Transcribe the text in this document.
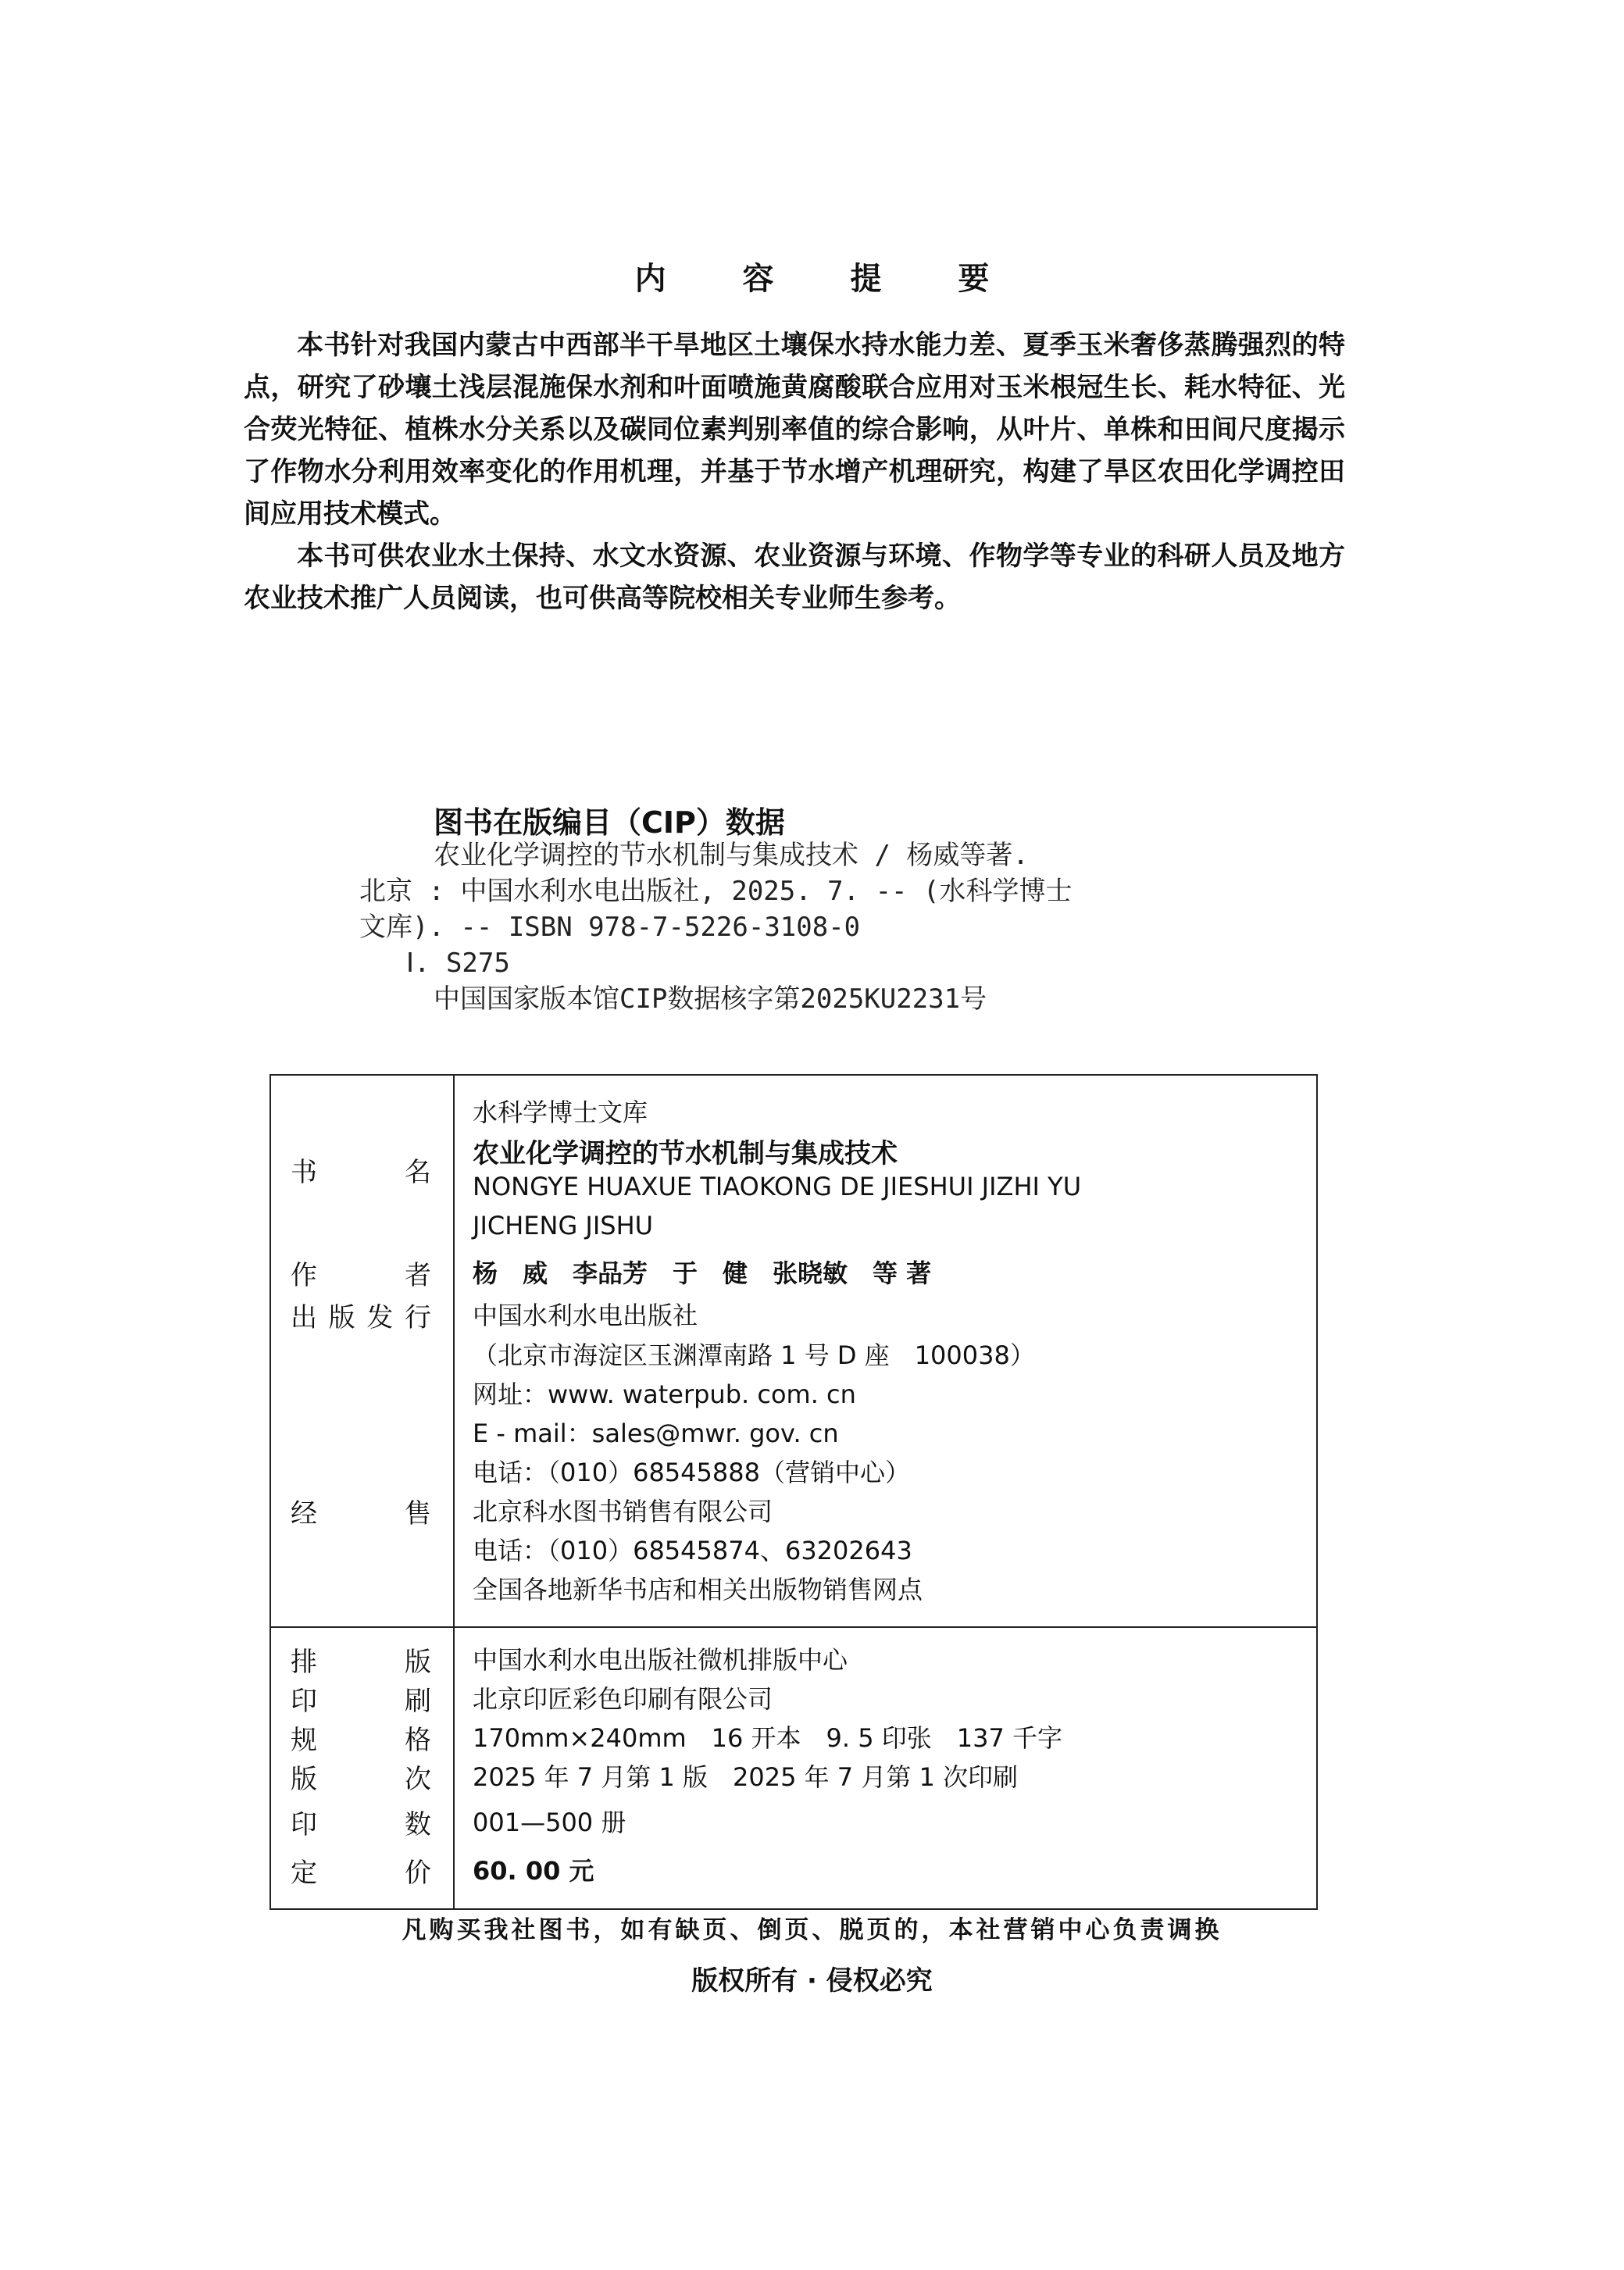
内 容 提 要

本书针对我国内蒙古中西部半干旱地区土壤保水持水能力差、夏季玉米奢侈蒸腾强烈的特点，研究了砂壤土浅层混施保水剂和叶面喷施黄腐酸联合应用对玉米根冠生长、耗水特征、光合荧光特征、植株水分关系以及碳同位素判别率值的综合影响，从叶片、单株和田间尺度揭示了作物水分利用效率变化的作用机理，并基于节水增产机理研究，构建了旱区农田化学调控田间应用技术模式。

本书可供农业水土保持、水文水资源、农业资源与环境、作物学等专业的科研人员及地方农业技术推广人员阅读，也可供高等院校相关专业师生参考。

图书在版编目（CIP）数据
农业化学调控的节水机制与集成技术 / 杨威等著.
北京 : 中国水利水电出版社, 2025. 7. -- (水科学博士
文库). -- ISBN 978-7-5226-3108-0
Ⅰ. S275
中国国家版本馆CIP数据核字第2025KU2231号
水科学博士文库
书 名
农业化学调控的节水机制与集成技术
NONGYE HUAXUE TIAOKONG DE JIESHUI JIZHI YU
JICHENG JISHU
作 者 杨　威　李品芳　于　健　张晓敏　等 著
出版发行 中国水利水电出版社
（北京市海淀区玉渊潭南路 1 号 D 座　100038）
网址：www. waterpub. com. cn
E - mail：sales@mwr. gov. cn
电话：（010）68545888（营销中心）
经 售 北京科水图书销售有限公司
电话：（010）68545874、63202643
全国各地新华书店和相关出版物销售网点
排 版 中国水利水电出版社微机排版中心
印 刷 北京印匠彩色印刷有限公司
规 格 170mm×240mm　16 开本　9. 5 印张　137 千字
版 次 2025 年 7 月第 1 版　2025 年 7 月第 1 次印刷
印 数 001—500 册
定 价 60. 00 元
凡购买我社图书，如有缺页、倒页、脱页的，本社营销中心负责调换
版权所有 · 侵权必究
